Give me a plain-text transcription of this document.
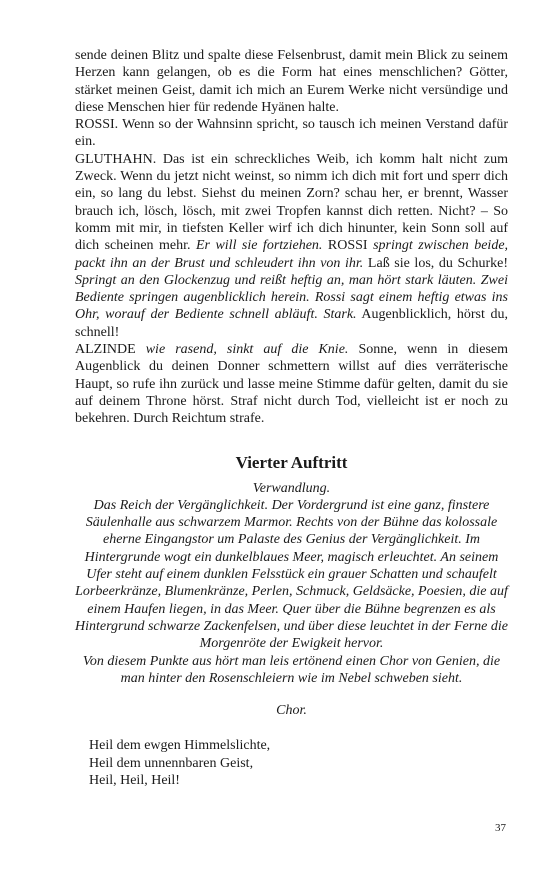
sende deinen Blitz und spalte diese Felsenbrust, damit mein Blick zu seinem Herzen kann gelangen, ob es die Form hat eines menschlichen? Götter, stärket meinen Geist, damit ich mich an Eurem Werke nicht versündige und diese Menschen hier für redende Hyänen halte.

ROSSI. Wenn so der Wahnsinn spricht, so tausch ich meinen Verstand dafür ein.

GLUTHAHN. Das ist ein schreckliches Weib, ich komm halt nicht zum Zweck. Wenn du jetzt nicht weinst, so nimm ich dich mit fort und sperr dich ein, so lang du lebst. Siehst du meinen Zorn? schau her, er brennt, Wasser brauch ich, lösch, lösch, mit zwei Tropfen kannst dich retten. Nicht? – So komm mit mir, in tiefsten Keller wirf ich dich hinunter, kein Sonn soll auf dich scheinen mehr. Er will sie fortziehen. ROSSI springt zwischen beide, packt ihn an der Brust und schleudert ihn von ihr. Laß sie los, du Schurke! Springt an den Glockenzug und reißt heftig an, man hört stark läuten. Zwei Bediente springen augenblicklich herein. Rossi sagt einem heftig etwas ins Ohr, worauf der Bediente schnell abläuft. Stark. Augenblicklich, hörst du, schnell!

ALZINDE wie rasend, sinkt auf die Knie. Sonne, wenn in diesem Augenblick du deinen Donner schmettern willst auf dies verräterische Haupt, so rufe ihn zurück und lasse meine Stimme dafür gelten, damit du sie auf deinem Throne hörst. Straf nicht durch Tod, vielleicht ist er noch zu bekehren. Durch Reichtum strafe.

Vierter Auftritt

Verwandlung.

Das Reich der Vergänglichkeit. Der Vordergrund ist eine ganz, finstere Säulenhalle aus schwarzem Marmor. Rechts von der Bühne das kolossale eherne Eingangstor um Palaste des Genius der Vergänglichkeit. Im Hintergrunde wogt ein dunkelblaues Meer, magisch erleuchtet. An seinem Ufer steht auf einem dunklen Felsstück ein grauer Schatten und schaufelt Lorbeerkränze, Blumenkränze, Perlen, Schmuck, Geldsäcke, Poesien, die auf einem Haufen liegen, in das Meer. Quer über die Bühne begrenzen es als Hintergrund schwarze Zackenfelsen, und über diese leuchtet in der Ferne die Morgenröte der Ewigkeit hervor.

Von diesem Punkte aus hört man leis ertönend einen Chor von Genien, die man hinter den Rosenschleiern wie im Nebel schweben sieht.

Chor.
Heil dem ewgen Himmelslichte,
Heil dem unnennbaren Geist,
Heil, Heil, Heil!
37
